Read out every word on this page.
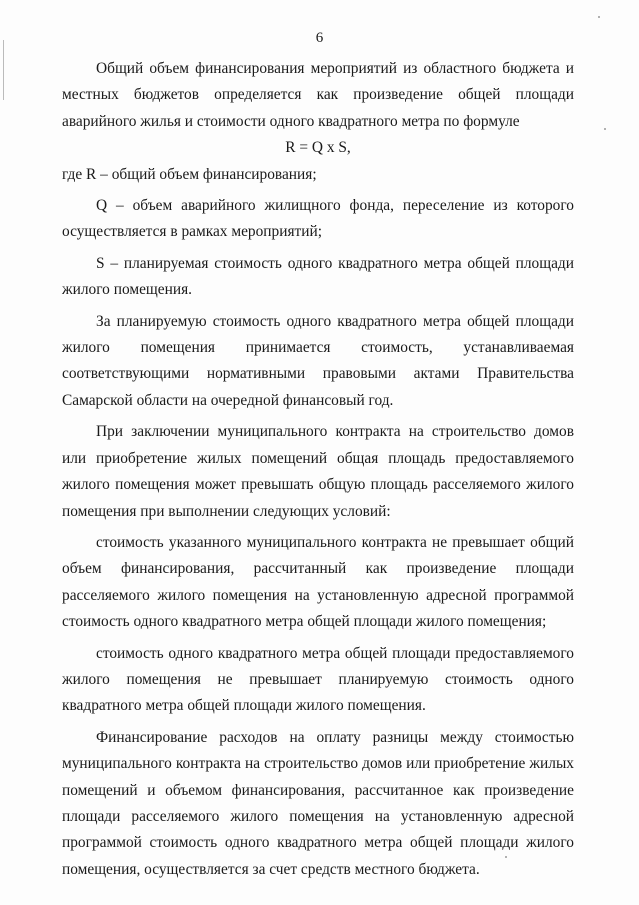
6

Общий объем финансирования мероприятий из областного бюджета и местных бюджетов определяется как произведение общей площади аварийного жилья и стоимости одного квадратного метра по формуле

R = Q x S,

где R – общий объем финансирования;

Q – объем аварийного жилищного фонда, переселение из которого осуществляется в рамках мероприятий;

S – планируемая стоимость одного квадратного метра общей площади жилого помещения.

За планируемую стоимость одного квадратного метра общей площади жилого помещения принимается стоимость, устанавливаемая соответствующими нормативными правовыми актами Правительства Самарской области на очередной финансовый год.

При заключении муниципального контракта на строительство домов или приобретение жилых помещений общая площадь предоставляемого жилого помещения может превышать общую площадь расселяемого жилого помещения при выполнении следующих условий:

стоимость указанного муниципального контракта не превышает общий объем финансирования, рассчитанный как произведение площади расселяемого жилого помещения на установленную адресной программой стоимость одного квадратного метра общей площади жилого помещения;

стоимость одного квадратного метра общей площади предоставляемого жилого помещения не превышает планируемую стоимость одного квадратного метра общей площади жилого помещения.

Финансирование расходов на оплату разницы между стоимостью муниципального контракта на строительство домов или приобретение жилых помещений и объемом финансирования, рассчитанное как произведение площади расселяемого жилого помещения на установленную адресной программой стоимость одного квадратного метра общей площади жилого помещения, осуществляется за счет средств местного бюджета.
